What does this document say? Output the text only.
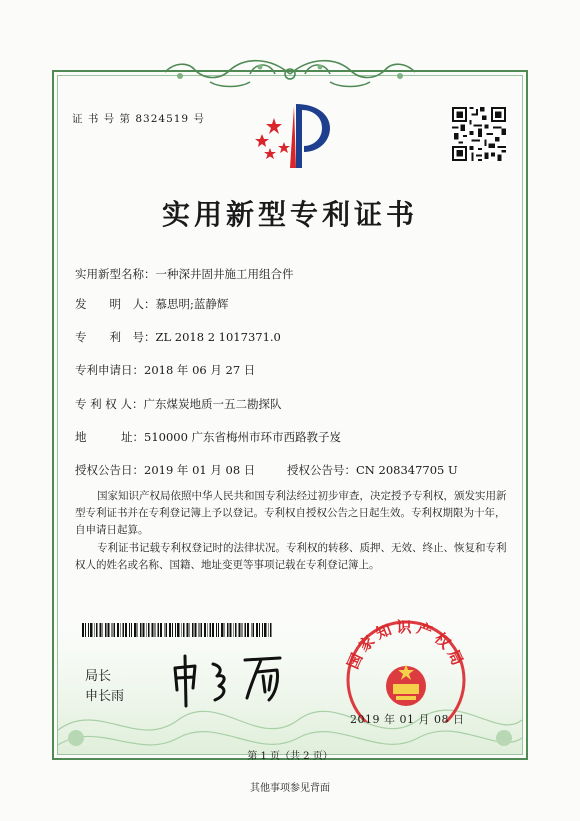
证 书 号 第 8324519 号
实用新型专利证书
实用新型名称：一种深井固井施工用组合件
发　　明　人：慕思明;蓝静辉
专　　利　号：ZL 2018 2 1017371.0
专利申请日：2018 年 06 月 27 日
专 利 权 人：广东煤炭地质一五二勘探队
地　　　址：510000 广东省梅州市环市西路教子岌
授权公告日：2019 年 01 月 08 日	授权公告号：CN 208347705 U

国家知识产权局依照中华人民共和国专利法经过初步审查，决定授予专利权，颁发实用新型专利证书并在专利登记簿上予以登记。专利权自授权公告之日起生效。专利权期限为十年，自申请日起算。

专利证书记载专利权登记时的法律状况。专利权的转移、质押、无效、终止、恢复和专利权人的姓名或名称、国籍、地址变更等事项记载在专利登记簿上。

局长
申长雨
国家知识产权局
2019 年 01 月 08 日
第 1 页（共 2 页）
其他事项参见背面
